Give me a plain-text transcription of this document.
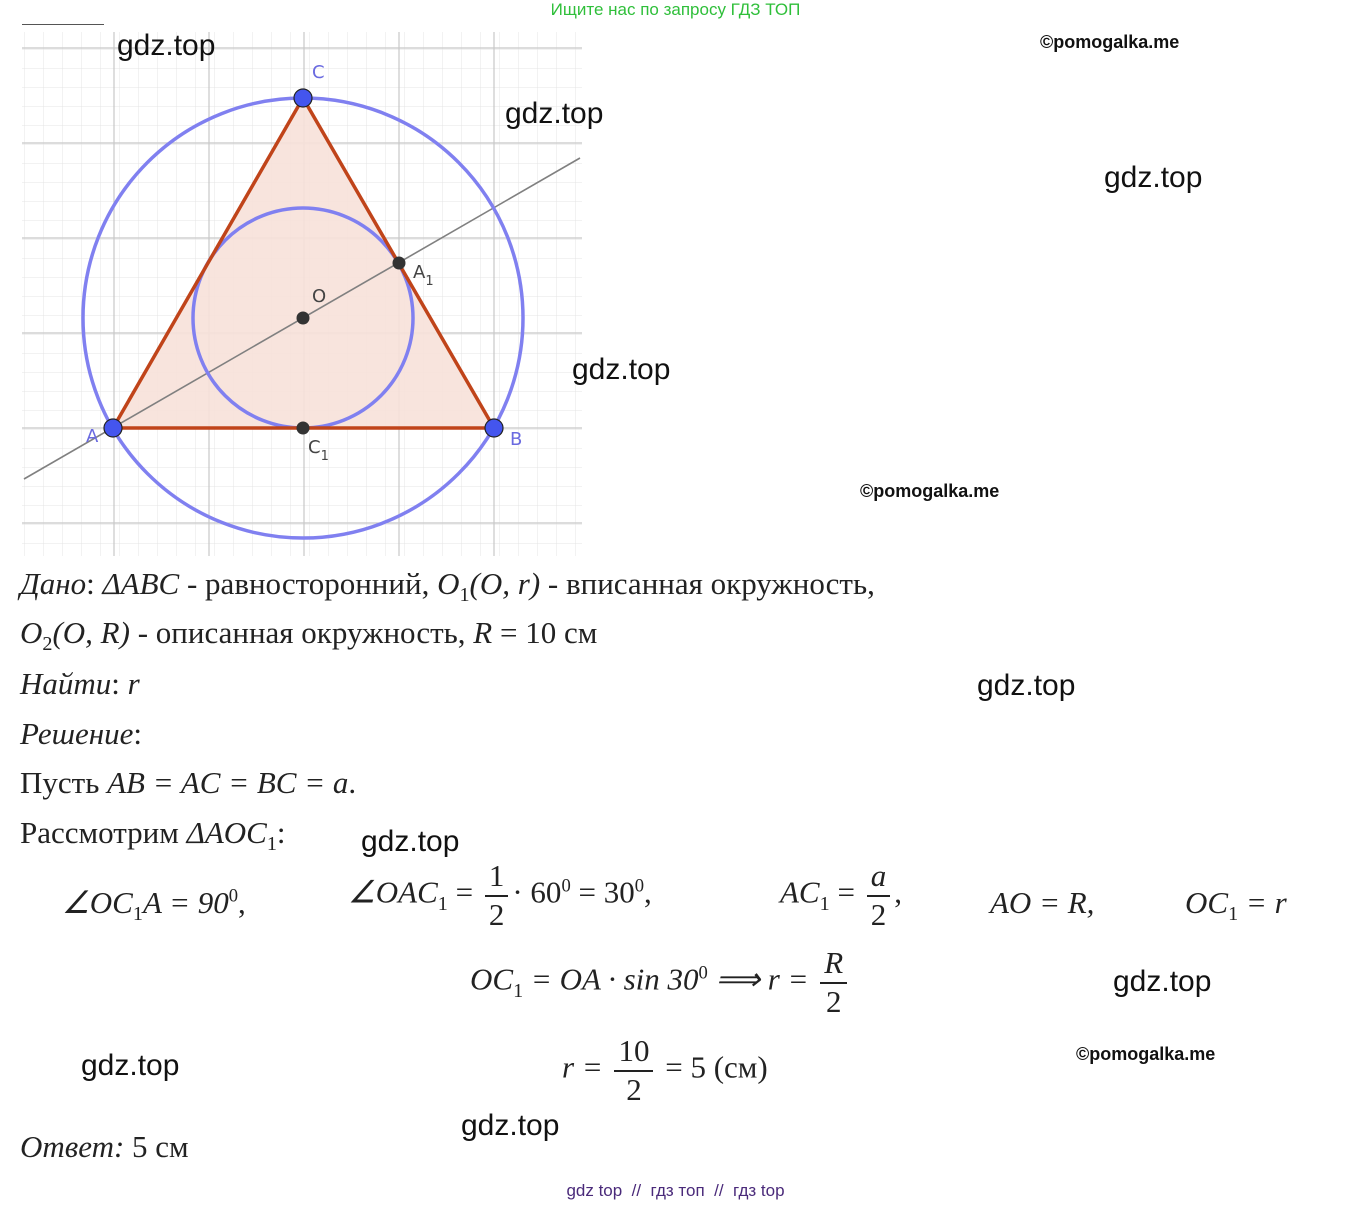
Ищите нас по запросу ГДЗ ТОП
C
O
A	B
$A_1$
$C_1$
gdz.top
gdz.top
gdz.top
gdz.top
gdz.top
gdz.top
gdz.top
gdz.top
gdz.top
©pomogalka.me
©pomogalka.me
©pomogalka.me
Дано: ΔABC - равносторонний, $O_1(O$, r) - вписанная окружность,
$O_2(O$, R) - описанная окружность, R = 10 см
Найти: r
Решение:
Пусть AB = AC = BC = a.
Рассмотрим $\Delta AOC_1$:
$\angle OC_1A = 90^0$,	$\angle OAC_1 = \frac{1}{2} \cdot 60^0 = 30^0$,	$AC_1 = \frac{a}{2}$ ,	AO = R,	$OC_1 = r$
$OC_1$ = OA · $\sin 30^0$ ⟹ $r = \frac{R}{2}$
$r = \frac{10}{2} = 5$ (см)
Ответ: 5 см
gdz top  //  гдз топ  //  гдз top
